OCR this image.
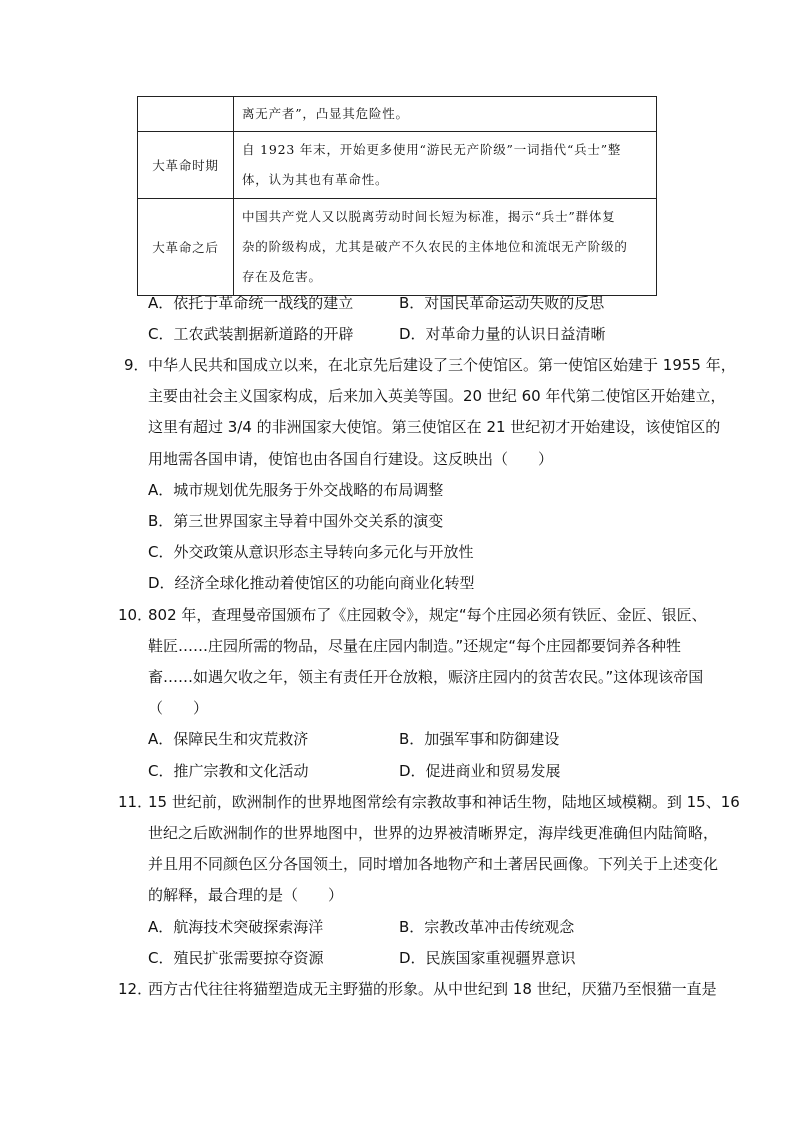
	离无产者”，凸显其危险性。

大革命时期	自 1923 年末，开始更多使用“游民无产阶级”一词指代“兵士”整
体，认为其也有革命性。

大革命之后	中国共产党人又以脱离劳动时间长短为标准，揭示“兵士”群体复
杂的阶级构成，尤其是破产不久农民的主体地位和流氓无产阶级的
存在及危害。
A．依托于革命统一战线的建立	B．对国民革命运动失败的反思
C．工农武装割据新道路的开辟	D．对革命力量的认识日益清晰
9． 中华人民共和国成立以来，在北京先后建设了三个使馆区。第一使馆区始建于 1955 年，
主要由社会主义国家构成，后来加入英美等国。20 世纪 60 年代第二使馆区开始建立，
这里有超过 3/4 的非洲国家大使馆。第三使馆区在 21 世纪初才开始建设，该使馆区的
用地需各国申请，使馆也由各国自行建设。这反映出（　　）
A．城市规划优先服务于外交战略的布局调整
B．第三世界国家主导着中国外交关系的演变
C．外交政策从意识形态主导转向多元化与开放性
D．经济全球化推动着使馆区的功能向商业化转型
10．
802 年，查理曼帝国颁布了《庄园敕令》，规定“每个庄园必须有铁匠、金匠、银匠、
鞋匠……庄园所需的物品，尽量在庄园内制造。”还规定“每个庄园都要饲养各种牲
畜……如遇欠收之年，领主有责任开仓放粮，赈济庄园内的贫苦农民。”这体现该帝国
（　　）
A．保障民生和灾荒救济	B．加强军事和防御建设
C．推广宗教和文化活动	D．促进商业和贸易发展
11．
15 世纪前，欧洲制作的世界地图常绘有宗教故事和神话生物，陆地区域模糊。到 15、16
世纪之后欧洲制作的世界地图中，世界的边界被清晰界定，海岸线更准确但内陆简略，
并且用不同颜色区分各国领土，同时增加各地物产和土著居民画像。下列关于上述变化
的解释，最合理的是（　　）
A．航海技术突破探索海洋	B．宗教改革冲击传统观念
C．殖民扩张需要掠夺资源	D．民族国家重视疆界意识
12．
西方古代往往将猫塑造成无主野猫的形象。从中世纪到 18 世纪，厌猫乃至恨猫一直是
